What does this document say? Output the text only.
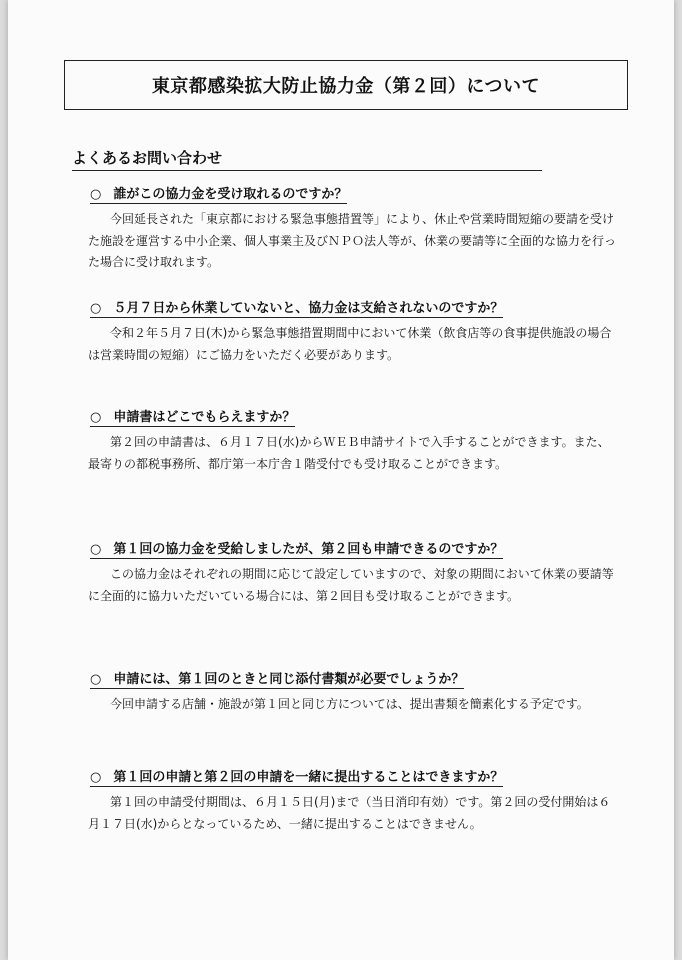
東京都感染拡大防止協力金（第２回）について
よくあるお問い合わせ
○ 誰がこの協力金を受け取れるのですか？
今回延長された「東京都における緊急事態措置等」により、休止や営業時間短縮の要請を受けた施設を運営する中小企業、個人事業主及びＮＰＯ法人等が、休業の要請等に全面的な協力を行った場合に受け取れます。
○ ５月７日から休業していないと、協力金は支給されないのですか？
令和２年５月７日(木)から緊急事態措置期間中において休業（飲食店等の食事提供施設の場合は営業時間の短縮）にご協力をいただく必要があります。
○ 申請書はどこでもらえますか？
第２回の申請書は、６月１７日(水)からＷＥＢ申請サイトで入手することができます。また、最寄りの都税事務所、都庁第一本庁舎１階受付でも受け取ることができます。
○ 第１回の協力金を受給しましたが、第２回も申請できるのですか？
この協力金はそれぞれの期間に応じて設定していますので、対象の期間において休業の要請等に全面的に協力いただいている場合には、第２回目も受け取ることができます。
○ 申請には、第１回のときと同じ添付書類が必要でしょうか？
今回申請する店舗・施設が第１回と同じ方については、提出書類を簡素化する予定です。
○ 第１回の申請と第２回の申請を一緒に提出することはできますか？
第１回の申請受付期間は、６月１５日(月)まで（当日消印有効）です。第２回の受付開始は６月１７日(水)からとなっているため、一緒に提出することはできません。
